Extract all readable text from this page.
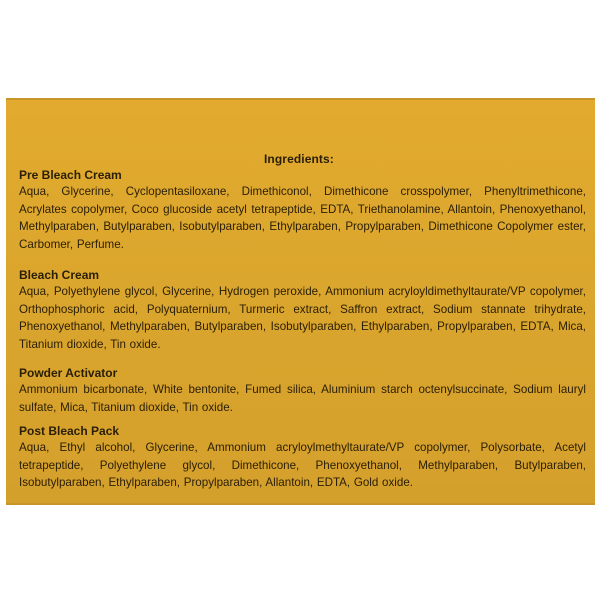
Ingredients:

Pre Bleach Cream

Aqua, Glycerine, Cyclopentasiloxane, Dimethiconol, Dimethicone crosspolymer, Phenyltrimethicone, Acrylates copolymer, Coco glucoside acetyl tetrapeptide, EDTA, Triethanolamine, Allantoin, Phenoxyethanol, Methylparaben, Butylparaben, Isobutylparaben, Ethylparaben, Propylparaben, Dimethicone Copolymer ester, Carbomer, Perfume.

Bleach Cream

Aqua, Polyethylene glycol, Glycerine, Hydrogen peroxide, Ammonium acryloyldimethyltaurate/VP copolymer, Orthophosphoric acid, Polyquaternium, Turmeric extract, Saffron extract, Sodium stannate trihydrate, Phenoxyethanol, Methylparaben, Butylparaben, Isobutylparaben, Ethylparaben, Propylparaben, EDTA, Mica, Titanium dioxide, Tin oxide.

Powder Activator

Ammonium bicarbonate, White bentonite, Fumed silica, Aluminium starch octenylsuccinate, Sodium lauryl sulfate, Mica, Titanium dioxide, Tin oxide.

Post Bleach Pack

Aqua, Ethyl alcohol, Glycerine, Ammonium acryloylmethyltaurate/VP copolymer, Polysorbate, Acetyl tetrapeptide, Polyethylene glycol, Dimethicone, Phenoxyethanol, Methylparaben, Butylparaben, Isobutylparaben, Ethylparaben, Propylparaben, Allantoin, EDTA, Gold oxide.
